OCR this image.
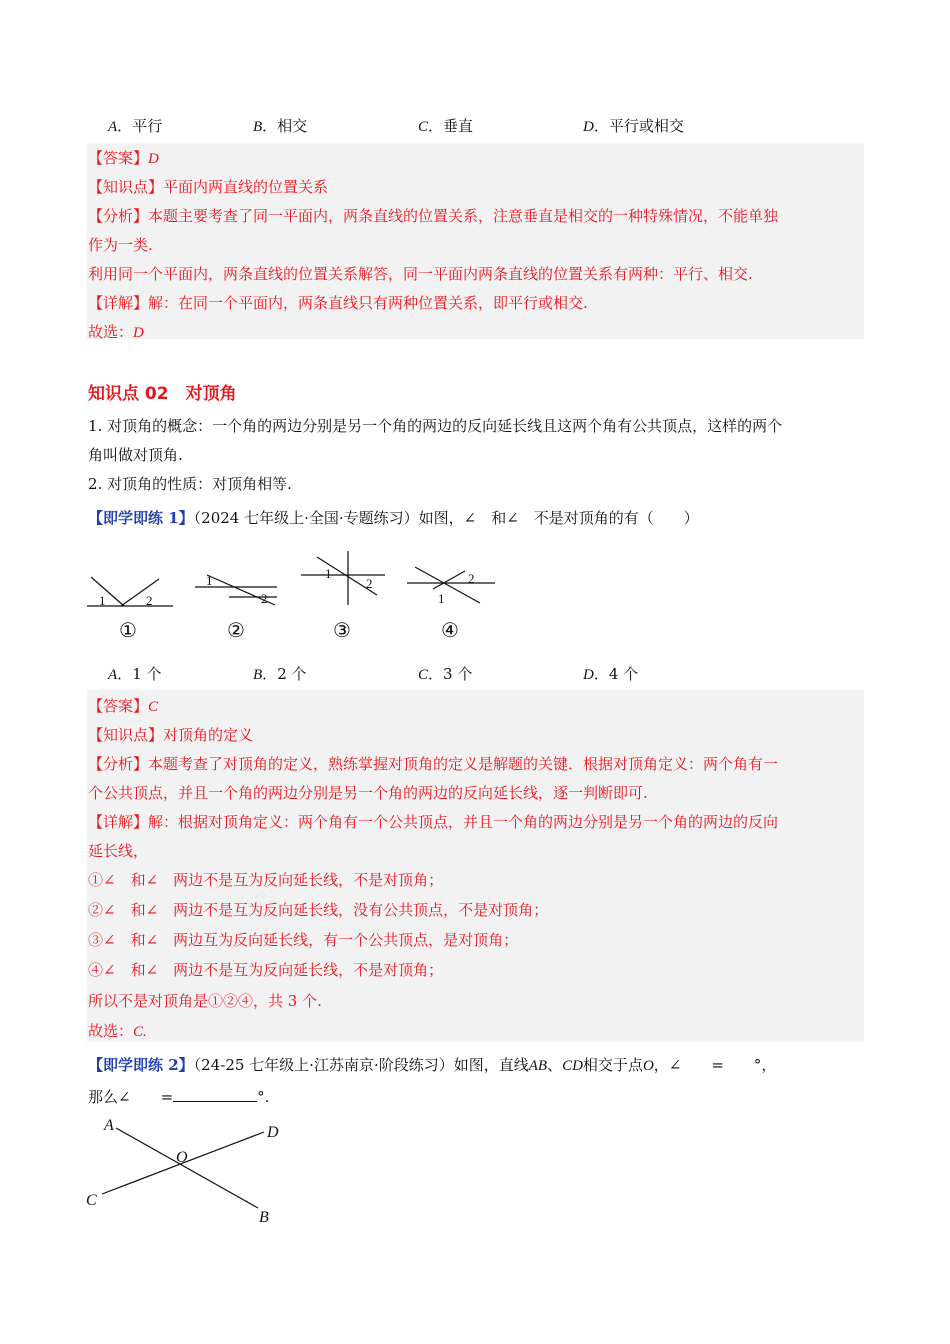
A．平行	B．相交	C．垂直	D．平行或相交
【答案】D
【知识点】平面内两直线的位置关系
【分析】本题主要考查了同一平面内，两条直线的位置关系，注意垂直是相交的一种特殊情况，不能单独
作为一类.
利用同一个平面内，两条直线的位置关系解答，同一平面内两条直线的位置关系有两种：平行、相交.
【详解】解：在同一个平面内，两条直线只有两种位置关系，即平行或相交.
故选：D
知识点 02　对顶角
1. 对顶角的概念：一个角的两边分别是另一个角的两边的反向延长线且这两个角有公共顶点，这样的两个
角叫做对顶角.
2. 对顶角的性质：对顶角相等.
【即学即练 1】（2024 七年级上·全国·专题练习）如图，∠　和∠　不是对顶角的有（　　）
1	2
1
2
1
2
1
2
①	②	③	④
A．1 个	B．2 个	C．3 个	D．4 个
【答案】C
【知识点】对顶角的定义
【分析】本题考查了对顶角的定义，熟练掌握对顶角的定义是解题的关键．根据对顶角定义：两个角有一
个公共顶点，并且一个角的两边分别是另一个角的两边的反向延长线，逐一判断即可.
【详解】解：根据对顶角定义：两个角有一个公共顶点，并且一个角的两边分别是另一个角的两边的反向
延长线，
①∠　和∠　两边不是互为反向延长线，不是对顶角；
②∠　和∠　两边不是互为反向延长线，没有公共顶点，不是对顶角；
③∠　和∠　两边互为反向延长线，有一个公共顶点，是对顶角；
④∠　和∠　两边不是互为反向延长线，不是对顶角；
所以不是对顶角是①②④，共 3 个.
故选：C.
【即学即练 2】（24-25 七年级上·江苏南京·阶段练习）如图，直线AB、CD相交于点O，∠　　=　　°，
那么∠　　=	°.
A	D
O
C
B
